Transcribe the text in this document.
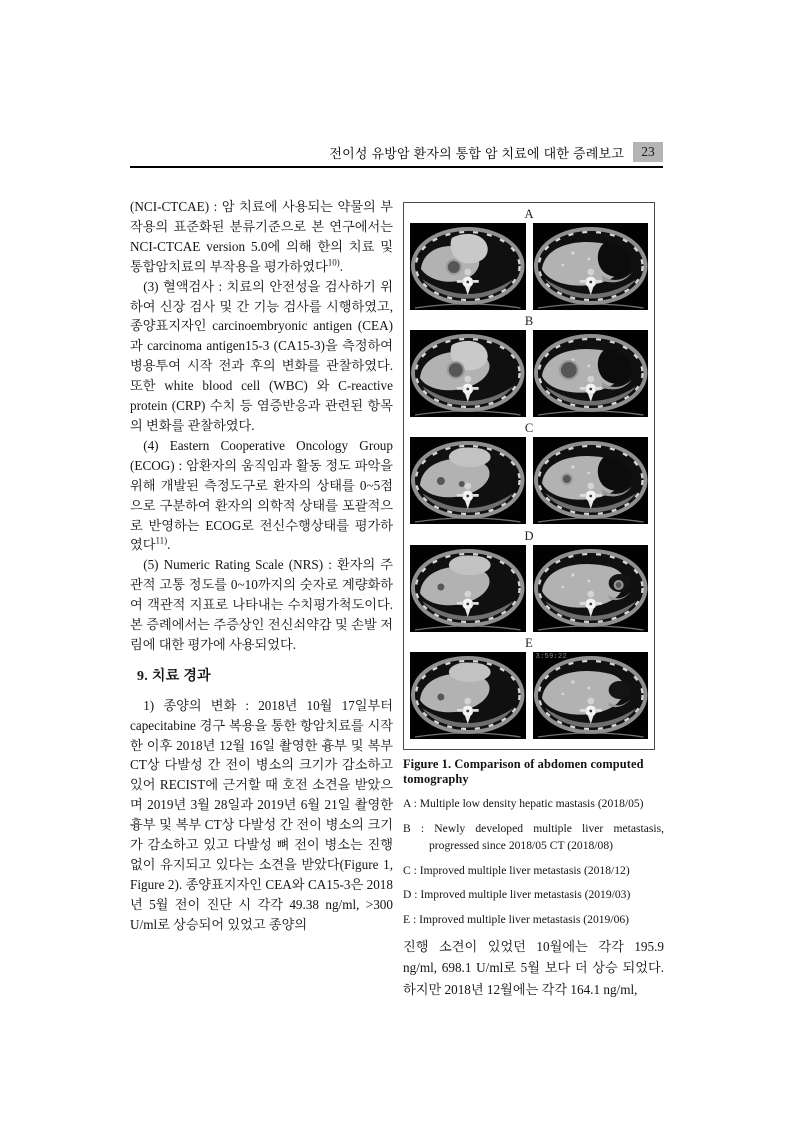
전이성 유방암 환자의 통합 암 치료에 대한 증례보고	23

(NCI-CTCAE) : 암 치료에 사용되는 약물의 부작용의 표준화된 분류기준으로 본 연구에서는 NCI-CTCAE version 5.0에 의해 한의 치료 및 통합암치료의 부작용을 평가하였다$^{10)}$.

(3) 혈액검사 : 치료의 안전성을 검사하기 위하여 신장 검사 및 간 기능 검사를 시행하였고, 종양표지자인 carcinoembryonic antigen (CEA)과 carcinoma antigen15-3 (CA15-3)을 측정하여 병용투여 시작 전과 후의 변화를 관찰하였다. 또한 white blood cell (WBC) 와 C-reactive protein (CRP) 수치 등 염증반응과 관련된 항목의 변화를 관찰하였다.

(4) Eastern Cooperative Oncology Group (ECOG) : 암환자의 움직임과 활동 정도 파악을 위해 개발된 측정도구로 환자의 상태를 0~5점으로 구분하여 환자의 의학적 상태를 포괄적으로 반영하는 ECOG로 전신수행상태를 평가하였다$^{11)}$.

(5) Numeric Rating Scale (NRS) : 환자의 주관적 고통 정도를 0~10까지의 숫자로 계량화하여 객관적 지표로 나타내는 수치평가척도이다. 본 증례에서는 주증상인 전신쇠약감 및 손발 저림에 대한 평가에 사용되었다.

9. 치료 경과

1) 종양의 변화 : 2018년 10월 17일부터 capecitabine 경구 복용을 통한 항암치료를 시작한 이후 2018년 12월 16일 촬영한 흉부 및 복부 CT상 다발성 간 전이 병소의 크기가 감소하고 있어 RECIST에 근거할 때 호전 소견을 받았으며 2019년 3월 28일과 2019년 6월 21일 촬영한 흉부 및 복부 CT상 다발성 간 전이 병소의 크기가 감소하고 있고 다발성 뼈 전이 병소는 진행 없이 유지되고 있다는 소견을 받았다(Figure 1, Figure 2). 종양표지자인 CEA와 CA15-3은 2018년 5월 전이 진단 시 각각 49.38 ng/ml, >300 U/ml로 상승되어 있었고 종양의

A
B
C
D
E
3:59:22

Figure 1. Comparison of abdomen computed tomography

A : Multiple low density hepatic mastasis (2018/05)

B : Newly developed multiple liver metastasis, progressed since 2018/05 CT (2018/08)

C : Improved multiple liver metastasis (2018/12)

D : Improved multiple liver metastasis (2019/03)

E : Improved multiple liver metastasis (2019/06)

진행 소견이 있었던 10월에는 각각 195.9 ng/ml, 698.1 U/ml로 5월 보다 더 상승 되었다. 하지만 2018년 12월에는 각각 164.1 ng/ml,
